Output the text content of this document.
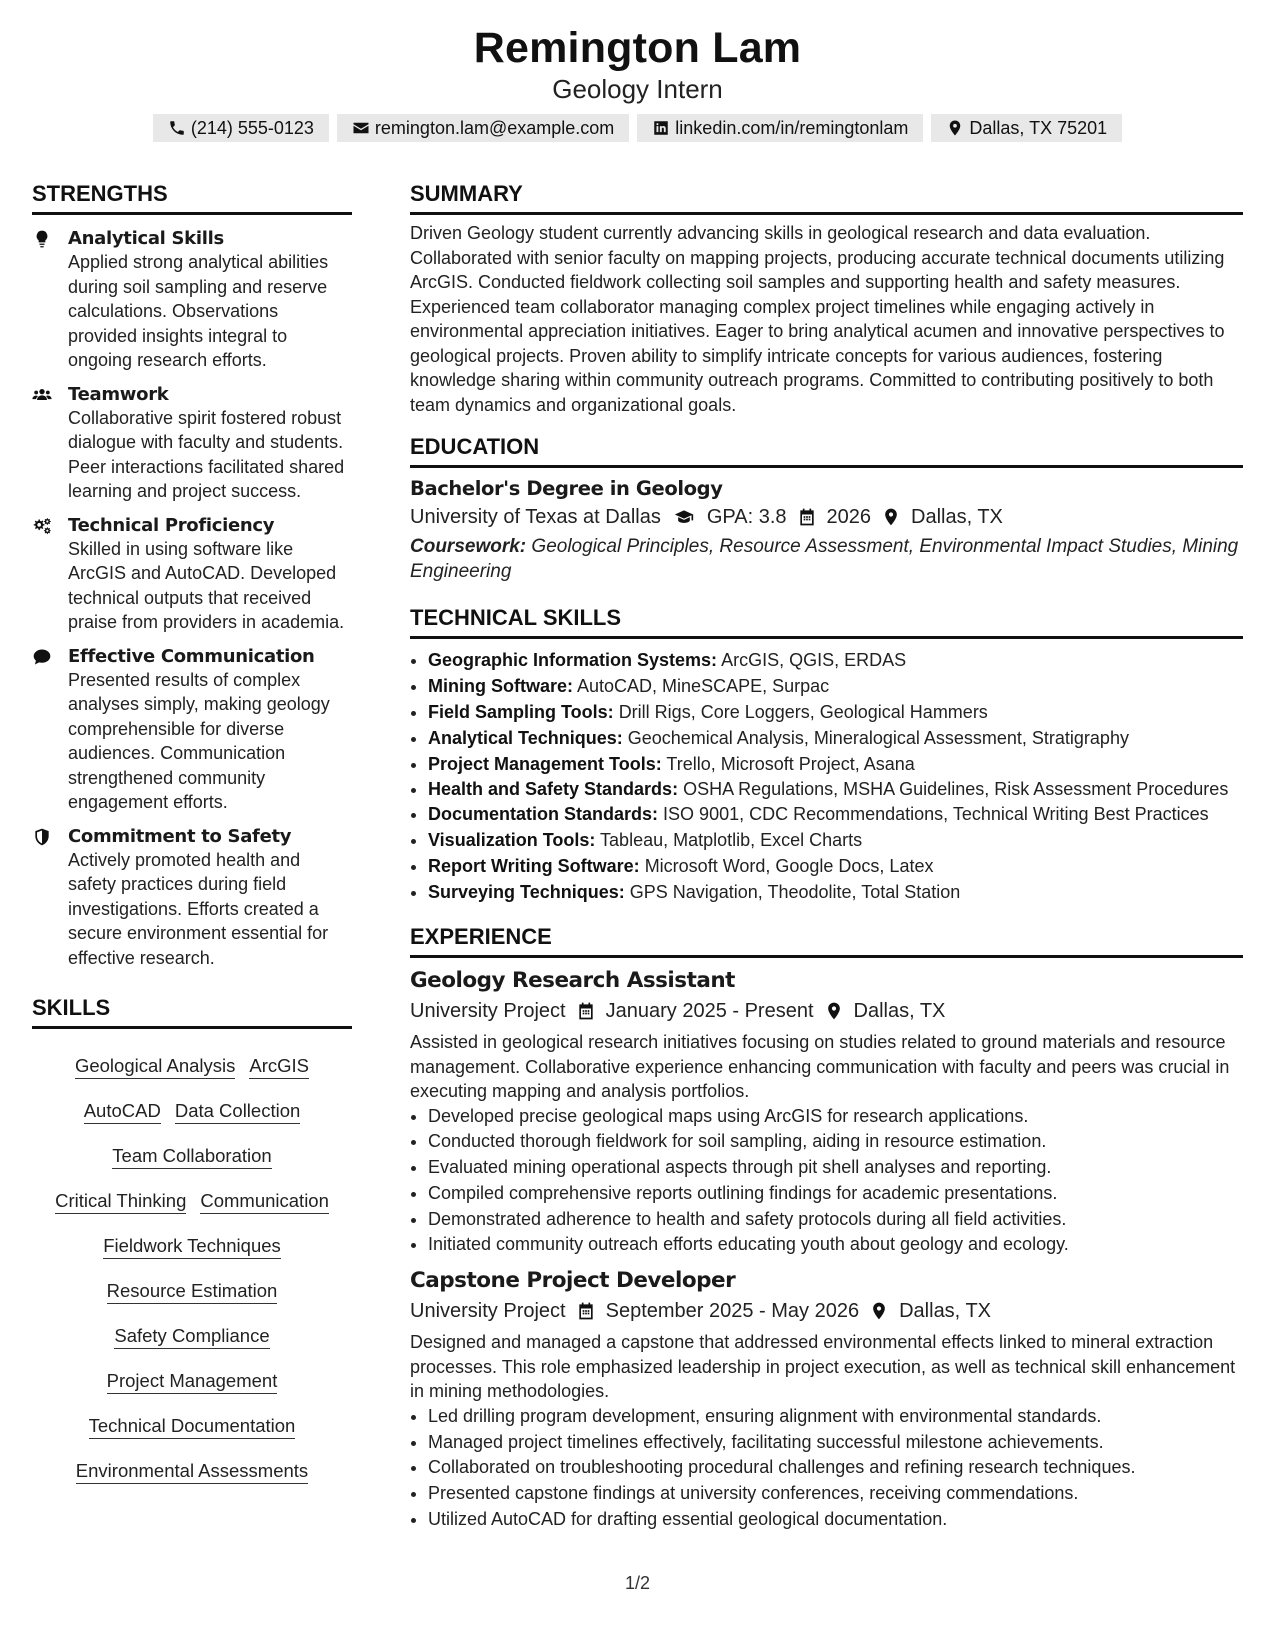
Remington Lam
Geology Intern
(214) 555-0123	remington.lam@example.com	linkedin.com/in/remingtonlam	Dallas, TX 75201
STRENGTHS
Analytical Skills
Applied strong analytical abilities during soil sampling and reserve calculations. Observations provided insights integral to ongoing research efforts.
Teamwork
Collaborative spirit fostered robust dialogue with faculty and students. Peer interactions facilitated shared learning and project success.
Technical Proficiency
Skilled in using software like ArcGIS and AutoCAD. Developed technical outputs that received praise from providers in academia.
Effective Communication
Presented results of complex analyses simply, making geology comprehensible for diverse audiences. Communication strengthened community engagement efforts.
Commitment to Safety
Actively promoted health and safety practices during field investigations. Efforts created a secure environment essential for effective research.
SKILLS
Geological Analysis ArcGIS
AutoCAD Data Collection
Team Collaboration
Critical Thinking Communication
Fieldwork Techniques
Resource Estimation
Safety Compliance
Project Management
Technical Documentation
Environmental Assessments
SUMMARY

Driven Geology student currently advancing skills in geological research and data evaluation. Collaborated with senior faculty on mapping projects, producing accurate technical documents utilizing ArcGIS. Conducted fieldwork collecting soil samples and supporting health and safety measures. Experienced team collaborator managing complex project timelines while engaging actively in environmental appreciation initiatives. Eager to bring analytical acumen and innovative perspectives to geological projects. Proven ability to simplify intricate concepts for various audiences, fostering knowledge sharing within community outreach programs. Committed to contributing positively to both team dynamics and organizational goals.

EDUCATION
Bachelor's Degree in Geology
University of Texas at Dallas GPA: 3.8 2026 Dallas, TX
Coursework: Geological Principles, Resource Assessment, Environmental Impact Studies, Mining Engineering
TECHNICAL SKILLS
• Geographic Information Systems: ArcGIS, QGIS, ERDAS
• Mining Software: AutoCAD, MineSCAPE, Surpac
• Field Sampling Tools: Drill Rigs, Core Loggers, Geological Hammers
• Analytical Techniques: Geochemical Analysis, Mineralogical Assessment, Stratigraphy
• Project Management Tools: Trello, Microsoft Project, Asana
• Health and Safety Standards: OSHA Regulations, MSHA Guidelines, Risk Assessment Procedures
• Documentation Standards: ISO 9001, CDC Recommendations, Technical Writing Best Practices
• Visualization Tools: Tableau, Matplotlib, Excel Charts
• Report Writing Software: Microsoft Word, Google Docs, Latex
• Surveying Techniques: GPS Navigation, Theodolite, Total Station
EXPERIENCE
Geology Research Assistant
University Project January 2025 - Present Dallas, TX

Assisted in geological research initiatives focusing on studies related to ground materials and resource management. Collaborative experience enhancing communication with faculty and peers was crucial in executing mapping and analysis portfolios.

• Developed precise geological maps using ArcGIS for research applications.
• Conducted thorough fieldwork for soil sampling, aiding in resource estimation.
• Evaluated mining operational aspects through pit shell analyses and reporting.
• Compiled comprehensive reports outlining findings for academic presentations.
• Demonstrated adherence to health and safety protocols during all field activities.
• Initiated community outreach efforts educating youth about geology and ecology.
Capstone Project Developer
University Project September 2025 - May 2026 Dallas, TX

Designed and managed a capstone that addressed environmental effects linked to mineral extraction processes. This role emphasized leadership in project execution, as well as technical skill enhancement in mining methodologies.

• Led drilling program development, ensuring alignment with environmental standards.
• Managed project timelines effectively, facilitating successful milestone achievements.
• Collaborated on troubleshooting procedural challenges and refining research techniques.
• Presented capstone findings at university conferences, receiving commendations.
• Utilized AutoCAD for drafting essential geological documentation.
1/2
